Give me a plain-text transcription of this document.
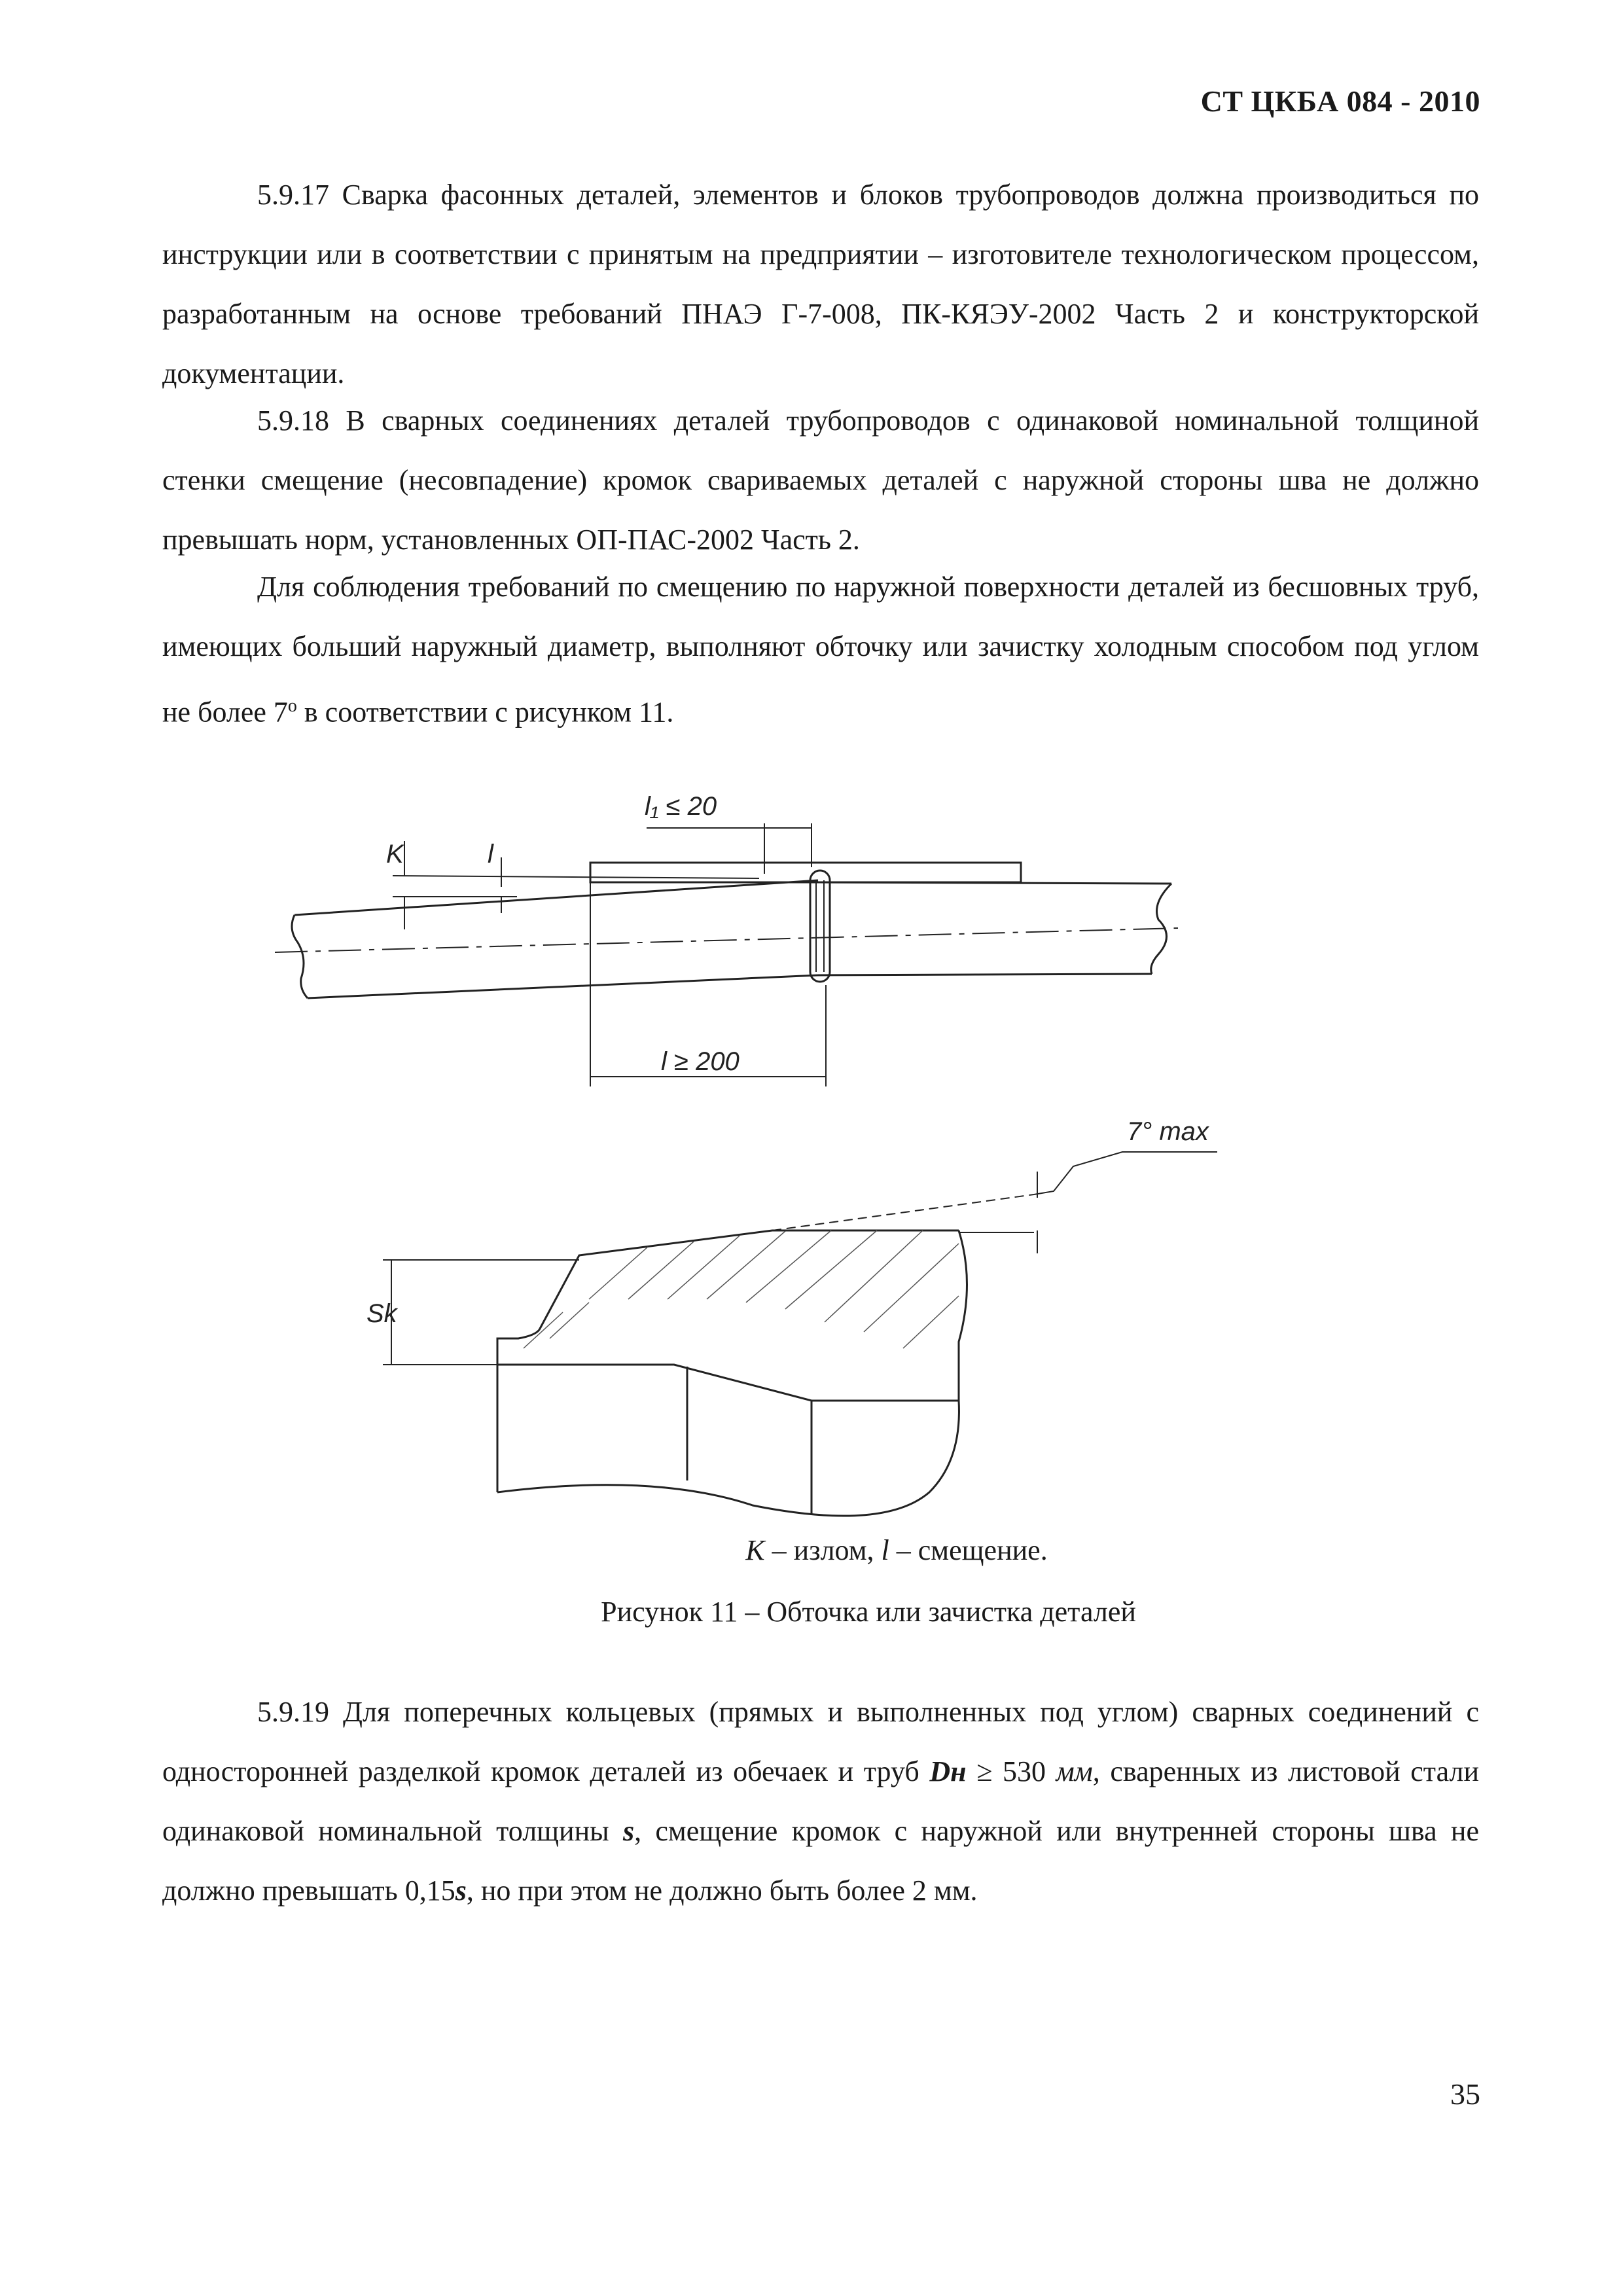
СТ ЦКБА 084 - 2010
5.9.17 Сварка фасонных деталей, элементов и блоков трубопроводов должна производиться по инструкции или в соответствии с принятым на предприятии – изготовителе технологическом процессом, разработанным на основе требований ПНАЭ Г-7-008, ПК-КЯЭУ-2002 Часть 2 и конструкторской документации.
5.9.18 В сварных соединениях деталей трубопроводов с одинаковой номинальной толщиной стенки смещение (несовпадение) кромок свариваемых деталей с наружной стороны шва не должно превышать норм, установленных ОП-ПАС-2002 Часть 2.
Для соблюдения требований по смещению по наружной поверхности деталей из бесшовных труб, имеющих больший наружный диаметр, выполняют обточку или зачистку холодным способом под углом не более $7^о$ в соответствии с рисунком 11.
l₁ ≤ 20
l ≥ 200
K	l
7° max
Sk
K – излом, l – смещение.
Рисунок 11 – Обточка или зачистка деталей
5.9.19 Для поперечных кольцевых (прямых и выполненных под углом) сварных соединений с односторонней разделкой кромок деталей из обечаек и труб Dн ≥ 530 мм, сваренных из листовой стали одинаковой номинальной толщины s, смещение кромок с наружной или внутренней стороны шва не должно превышать 0,15s, но при этом не должно быть более 2 мм.
35
